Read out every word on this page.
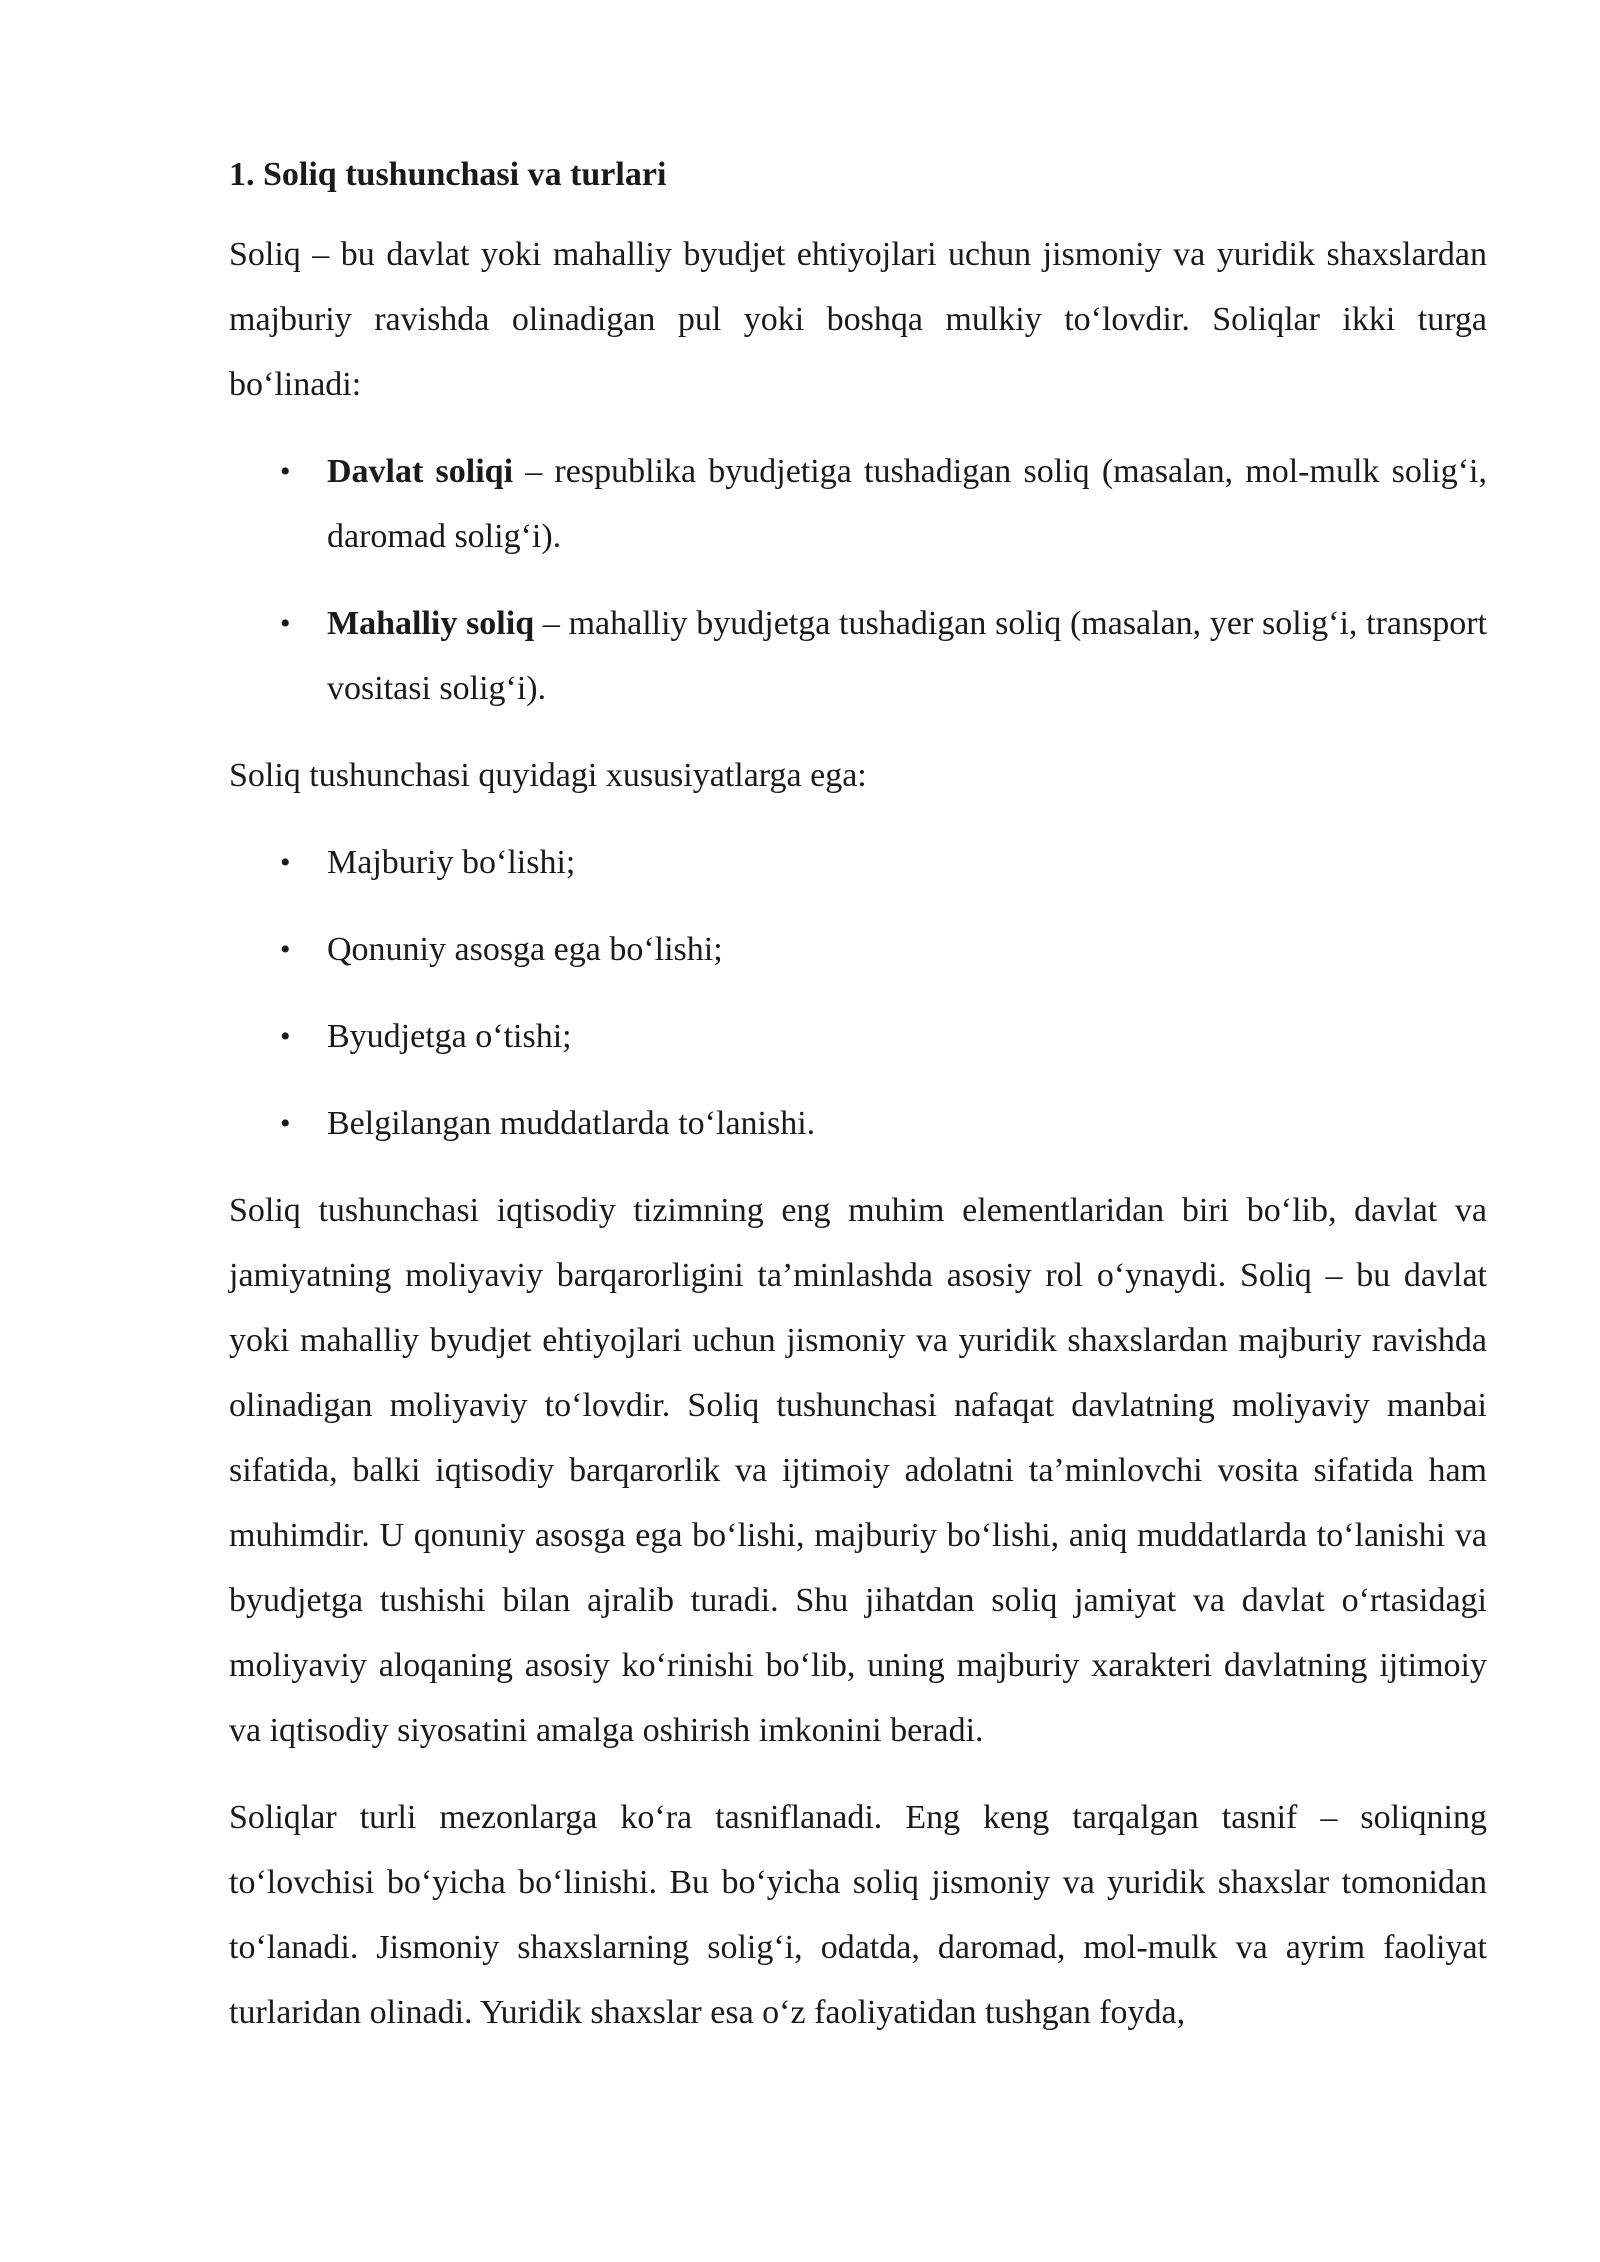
1. Soliq tushunchasi va turlari

Soliq – bu davlat yoki mahalliy byudjet ehtiyojlari uchun jismoniy va yuridik shaxslardan majburiy ravishda olinadigan pul yoki boshqa mulkiy to‘lovdir. Soliqlar ikki turga bo‘linadi:

• Davlat soliqi – respublika byudjetiga tushadigan soliq (masalan, mol-mulk solig‘i, daromad solig‘i).
• Mahalliy soliq – mahalliy byudjetga tushadigan soliq (masalan, yer solig‘i, transport vositasi solig‘i).

Soliq tushunchasi quyidagi xususiyatlarga ega:

• Majburiy bo‘lishi;
• Qonuniy asosga ega bo‘lishi;
• Byudjetga o‘tishi;
• Belgilangan muddatlarda to‘lanishi.

Soliq tushunchasi iqtisodiy tizimning eng muhim elementlaridan biri bo‘lib, davlat va jamiyatning moliyaviy barqarorligini ta’minlashda asosiy rol o‘ynaydi. Soliq – bu davlat yoki mahalliy byudjet ehtiyojlari uchun jismoniy va yuridik shaxslardan majburiy ravishda olinadigan moliyaviy to‘lovdir. Soliq tushunchasi nafaqat davlatning moliyaviy manbai sifatida, balki iqtisodiy barqarorlik va ijtimoiy adolatni ta’minlovchi vosita sifatida ham muhimdir. U qonuniy asosga ega bo‘lishi, majburiy bo‘lishi, aniq muddatlarda to‘lanishi va byudjetga tushishi bilan ajralib turadi. Shu jihatdan soliq jamiyat va davlat o‘rtasidagi moliyaviy aloqaning asosiy ko‘rinishi bo‘lib, uning majburiy xarakteri davlatning ijtimoiy va iqtisodiy siyosatini amalga oshirish imkonini beradi.

Soliqlar turli mezonlarga ko‘ra tasniflanadi. Eng keng tarqalgan tasnif – soliqning to‘lovchisi bo‘yicha bo‘linishi. Bu bo‘yicha soliq jismoniy va yuridik shaxslar tomonidan to‘lanadi. Jismoniy shaxslarning solig‘i, odatda, daromad, mol-mulk va ayrim faoliyat turlaridan olinadi. Yuridik shaxslar esa o‘z faoliyatidan tushgan foyda,
